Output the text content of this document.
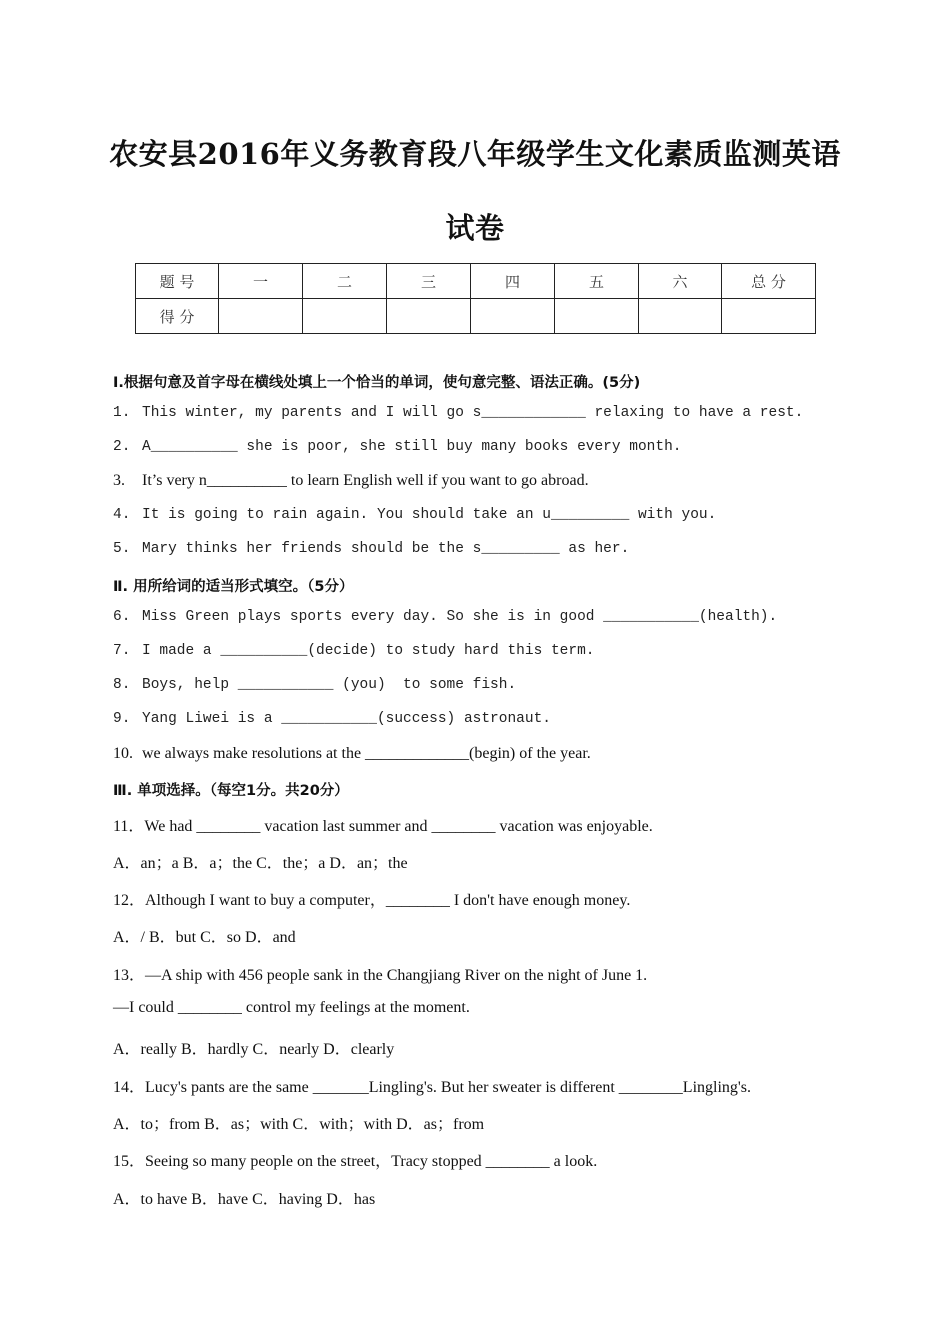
农安县2016年义务教育段八年级学生文化素质监测英语
试卷
题 号	一	二	三	四	五	六	总 分
得 分							
I.根据句意及首字母在横线处填上一个恰当的单词，使句意完整、语法正确。(5分)
1. This winter, my parents and I will go s____________ relaxing to have a rest.
2. A__________ she is poor, she still buy many books every month.
3. It’s very n__________ to learn English well if you want to go abroad.
4. It is going to rain again. You should take an u_________ with you.
5. Mary thinks her friends should be the s_________ as her.
Ⅱ. 用所给词的适当形式填空。（5分）
6. Miss Green plays sports every day. So she is in good ___________(health).
7. I made a __________(decide) to study hard this term.
8. Boys, help ___________ (you)  to some fish.
9. Yang Liwei is a ___________(success) astronaut.
10. we always make resolutions at the _____________(begin) of the year.
Ⅲ. 单项选择。（每空1分。共20分）
11．We had ________ vacation last summer and ________ vacation was enjoyable.
A．an；a B．a；the C．the；a D．an；the
12．Although I want to buy a computer，________ I don't have enough money.
A．/ B．but C．so D．and
13．—A ship with 456 people sank in the Changjiang River on the night of June 1.
—I could ________ control my feelings at the moment.
A．really B．hardly C．nearly D．clearly
14．Lucy's pants are the same _______Lingling's. But her sweater is different ________Lingling's.
A．to；from B．as；with C．with；with D．as；from
15．Seeing so many people on the street，Tracy stopped ________ a look.
A．to have B．have C．having D．has
